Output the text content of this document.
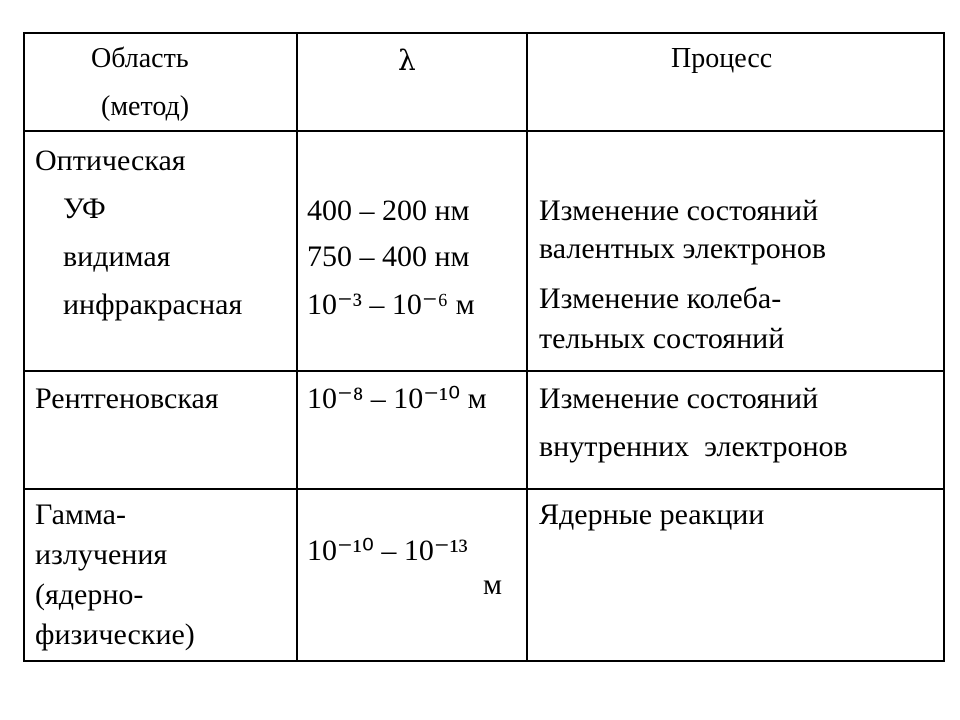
Область
(метод)
λ	Процесс
Оптическая
УФ
видимая
инфракрасная
400 – 200 нм
750 – 400 нм
10⁻³ – 10⁻⁶ м
Изменение состояний
валентных электронов
Изменение колеба-
тельных состояний
Рентгеновская	10⁻⁸ – 10⁻¹⁰ м Изменение состояний
внутренних  электронов
Гамма-
излучения
(ядерно-
физические)
10⁻¹⁰ – 10⁻¹³
м
Ядерные реакции
